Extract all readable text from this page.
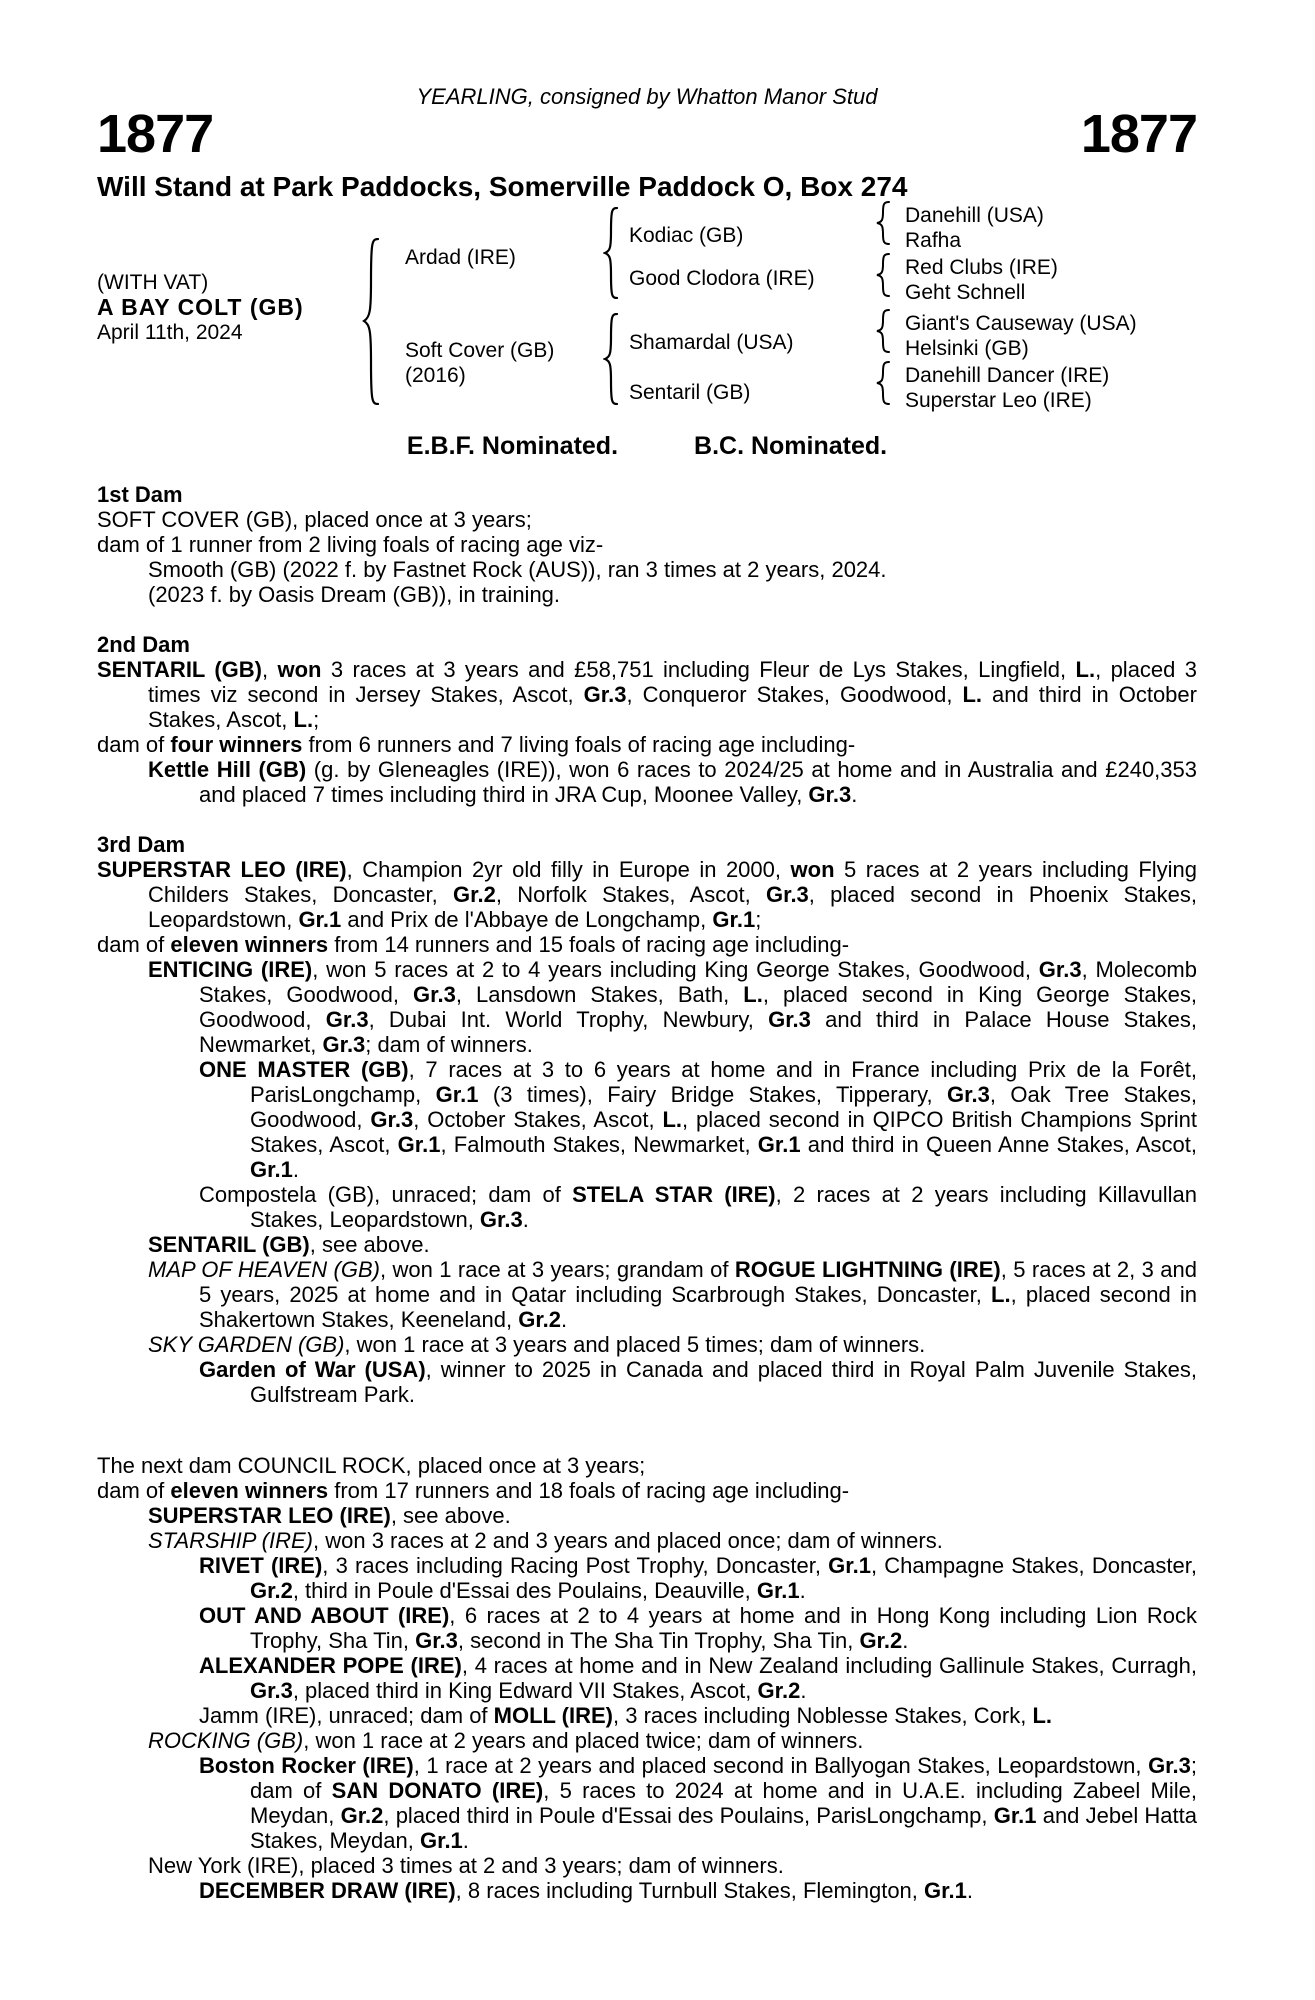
YEARLING, consigned by Whatton Manor Stud
1877	1877
Will Stand at Park Paddocks, Somerville Paddock O, Box 274
(WITH VAT)
A BAY COLT (GB)
April 11th, 2024
Ardad (IRE)
Soft Cover (GB)
(2016)
Kodiac (GB)
Good Clodora (IRE)
Shamardal (USA)
Sentaril (GB)
Danehill (USA)
Rafha
Red Clubs (IRE)
Geht Schnell
Giant's Causeway (USA)
Helsinki (GB)
Danehill Dancer (IRE)
Superstar Leo (IRE)
E.B.F. Nominated.	B.C. Nominated.
1st Dam
SOFT COVER (GB), placed once at 3 years;
dam of 1 runner from 2 living foals of racing age viz-
Smooth (GB) (2022 f. by Fastnet Rock (AUS)), ran 3 times at 2 years, 2024.
(2023 f. by Oasis Dream (GB)), in training.
2nd Dam
SENTARIL (GB), won 3 races at 3 years and £58,751 including Fleur de Lys Stakes, Lingfield, L., placed 3 times viz second in Jersey Stakes, Ascot, Gr.3, Conqueror Stakes, Goodwood, L. and third in October Stakes, Ascot, L.;
dam of four winners from 6 runners and 7 living foals of racing age including-
Kettle Hill (GB) (g. by Gleneagles (IRE)), won 6 races to 2024/25 at home and in Australia and £240,353 and placed 7 times including third in JRA Cup, Moonee Valley, Gr.3.
3rd Dam
SUPERSTAR LEO (IRE), Champion 2yr old filly in Europe in 2000, won 5 races at 2 years including Flying Childers Stakes, Doncaster, Gr.2, Norfolk Stakes, Ascot, Gr.3, placed second in Phoenix Stakes, Leopardstown, Gr.1 and Prix de l'Abbaye de Longchamp, Gr.1;
dam of eleven winners from 14 runners and 15 foals of racing age including-
ENTICING (IRE), won 5 races at 2 to 4 years including King George Stakes, Goodwood, Gr.3, Molecomb Stakes, Goodwood, Gr.3, Lansdown Stakes, Bath, L., placed second in King George Stakes, Goodwood, Gr.3, Dubai Int. World Trophy, Newbury, Gr.3 and third in Palace House Stakes, Newmarket, Gr.3; dam of winners.
ONE MASTER (GB), 7 races at 3 to 6 years at home and in France including Prix de la Forêt, ParisLongchamp, Gr.1 (3 times), Fairy Bridge Stakes, Tipperary, Gr.3, Oak Tree Stakes, Goodwood, Gr.3, October Stakes, Ascot, L., placed second in QIPCO British Champions Sprint Stakes, Ascot, Gr.1, Falmouth Stakes, Newmarket, Gr.1 and third in Queen Anne Stakes, Ascot, Gr.1.
Compostela (GB), unraced; dam of STELA STAR (IRE), 2 races at 2 years including Killavullan Stakes, Leopardstown, Gr.3.
SENTARIL (GB), see above.
MAP OF HEAVEN (GB), won 1 race at 3 years; grandam of ROGUE LIGHTNING (IRE), 5 races at 2, 3 and 5 years, 2025 at home and in Qatar including Scarbrough Stakes, Doncaster, L., placed second in Shakertown Stakes, Keeneland, Gr.2.
SKY GARDEN (GB), won 1 race at 3 years and placed 5 times; dam of winners.
Garden of War (USA), winner to 2025 in Canada and placed third in Royal Palm Juvenile Stakes, Gulfstream Park.
The next dam COUNCIL ROCK, placed once at 3 years;
dam of eleven winners from 17 runners and 18 foals of racing age including-
SUPERSTAR LEO (IRE), see above.
STARSHIP (IRE), won 3 races at 2 and 3 years and placed once; dam of winners.
RIVET (IRE), 3 races including Racing Post Trophy, Doncaster, Gr.1, Champagne Stakes, Doncaster, Gr.2, third in Poule d'Essai des Poulains, Deauville, Gr.1.
OUT AND ABOUT (IRE), 6 races at 2 to 4 years at home and in Hong Kong including Lion Rock Trophy, Sha Tin, Gr.3, second in The Sha Tin Trophy, Sha Tin, Gr.2.
ALEXANDER POPE (IRE), 4 races at home and in New Zealand including Gallinule Stakes, Curragh, Gr.3, placed third in King Edward VII Stakes, Ascot, Gr.2.
Jamm (IRE), unraced; dam of MOLL (IRE), 3 races including Noblesse Stakes, Cork, L.
ROCKING (GB), won 1 race at 2 years and placed twice; dam of winners.
Boston Rocker (IRE), 1 race at 2 years and placed second in Ballyogan Stakes, Leopardstown, Gr.3; dam of SAN DONATO (IRE), 5 races to 2024 at home and in U.A.E. including Zabeel Mile, Meydan, Gr.2, placed third in Poule d'Essai des Poulains, ParisLongchamp, Gr.1 and Jebel Hatta Stakes, Meydan, Gr.1.
New York (IRE), placed 3 times at 2 and 3 years; dam of winners.
DECEMBER DRAW (IRE), 8 races including Turnbull Stakes, Flemington, Gr.1.
